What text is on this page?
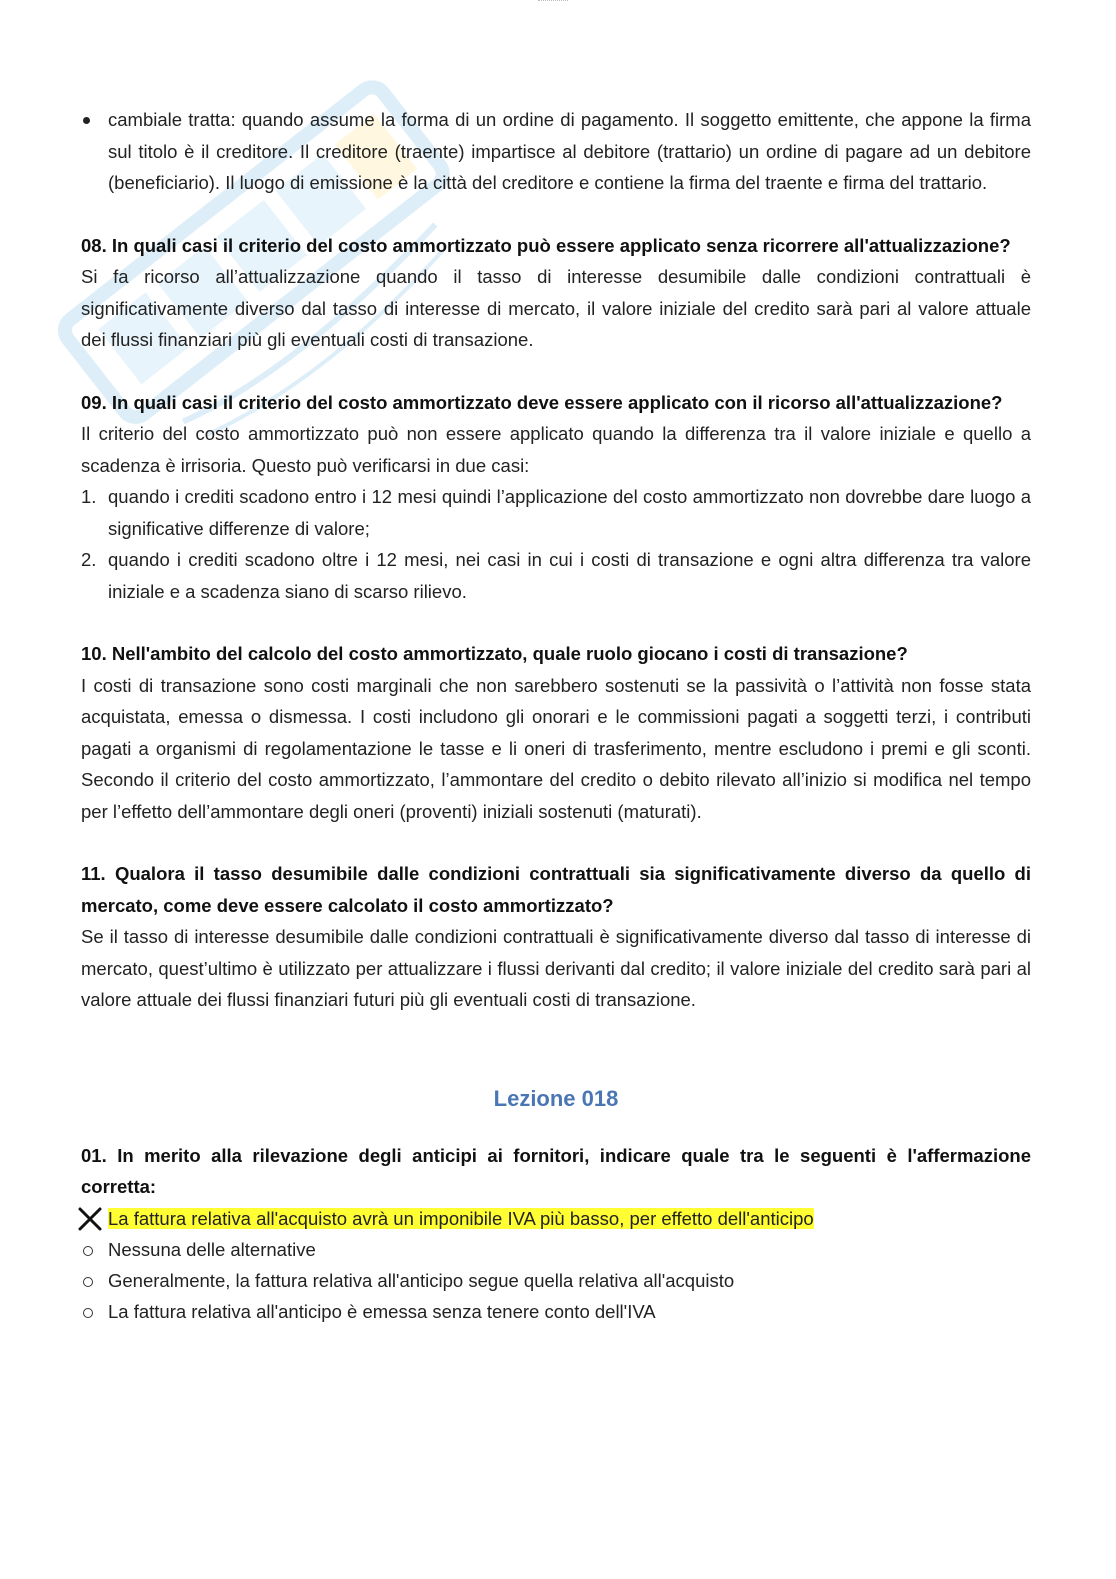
cambiale tratta: quando assume la forma di un ordine di pagamento. Il soggetto emittente, che appone la firma sul titolo è il creditore. Il creditore (traente) impartisce al debitore (trattario) un ordine di pagare ad un debitore (beneficiario). Il luogo di emissione è la città del creditore e contiene la firma del traente e firma del trattario.

08. In quali casi il criterio del costo ammortizzato può essere applicato senza ricorrere all'attualizzazione?

Si fa ricorso all’attualizzazione quando il tasso di interesse desumibile dalle condizioni contrattuali è significativamente diverso dal tasso di interesse di mercato, il valore iniziale del credito sarà pari al valore attuale dei flussi finanziari più gli eventuali costi di transazione.

09. In quali casi il criterio del costo ammortizzato deve essere applicato con il ricorso all'attualizzazione?

Il criterio del costo ammortizzato può non essere applicato quando la differenza tra il valore iniziale e quello a scadenza è irrisoria. Questo può verificarsi in due casi:

1. quando i crediti scadono entro i 12 mesi quindi l’applicazione del costo ammortizzato non dovrebbe dare luogo a significative differenze di valore;
2. quando i crediti scadono oltre i 12 mesi, nei casi in cui i costi di transazione e ogni altra differenza tra valore iniziale e a scadenza siano di scarso rilievo.

10. Nell'ambito del calcolo del costo ammortizzato, quale ruolo giocano i costi di transazione?

I costi di transazione sono costi marginali che non sarebbero sostenuti se la passività o l’attività non fosse stata acquistata, emessa o dismessa. I costi includono gli onorari e le commissioni pagati a soggetti terzi, i contributi pagati a organismi di regolamentazione le tasse e li oneri di trasferimento, mentre escludono i premi e gli sconti. Secondo il criterio del costo ammortizzato, l’ammontare del credito o debito rilevato all’inizio si modifica nel tempo per l’effetto dell’ammontare degli oneri (proventi) iniziali sostenuti (maturati).

11. Qualora il tasso desumibile dalle condizioni contrattuali sia significativamente diverso da quello di mercato, come deve essere calcolato il costo ammortizzato?

Se il tasso di interesse desumibile dalle condizioni contrattuali è significativamente diverso dal tasso di interesse di mercato, quest’ultimo è utilizzato per attualizzare i flussi derivanti dal credito; il valore iniziale del credito sarà pari al valore attuale dei flussi finanziari futuri più gli eventuali costi di transazione.

Lezione 018

01. In merito alla rilevazione degli anticipi ai fornitori, indicare quale tra le seguenti è l'affermazione corretta:

La fattura relativa all'acquisto avrà un imponibile IVA più basso, per effetto dell'anticipo
Nessuna delle alternative
Generalmente, la fattura relativa all'anticipo segue quella relativa all'acquisto
La fattura relativa all'anticipo è emessa senza tenere conto dell'IVA
